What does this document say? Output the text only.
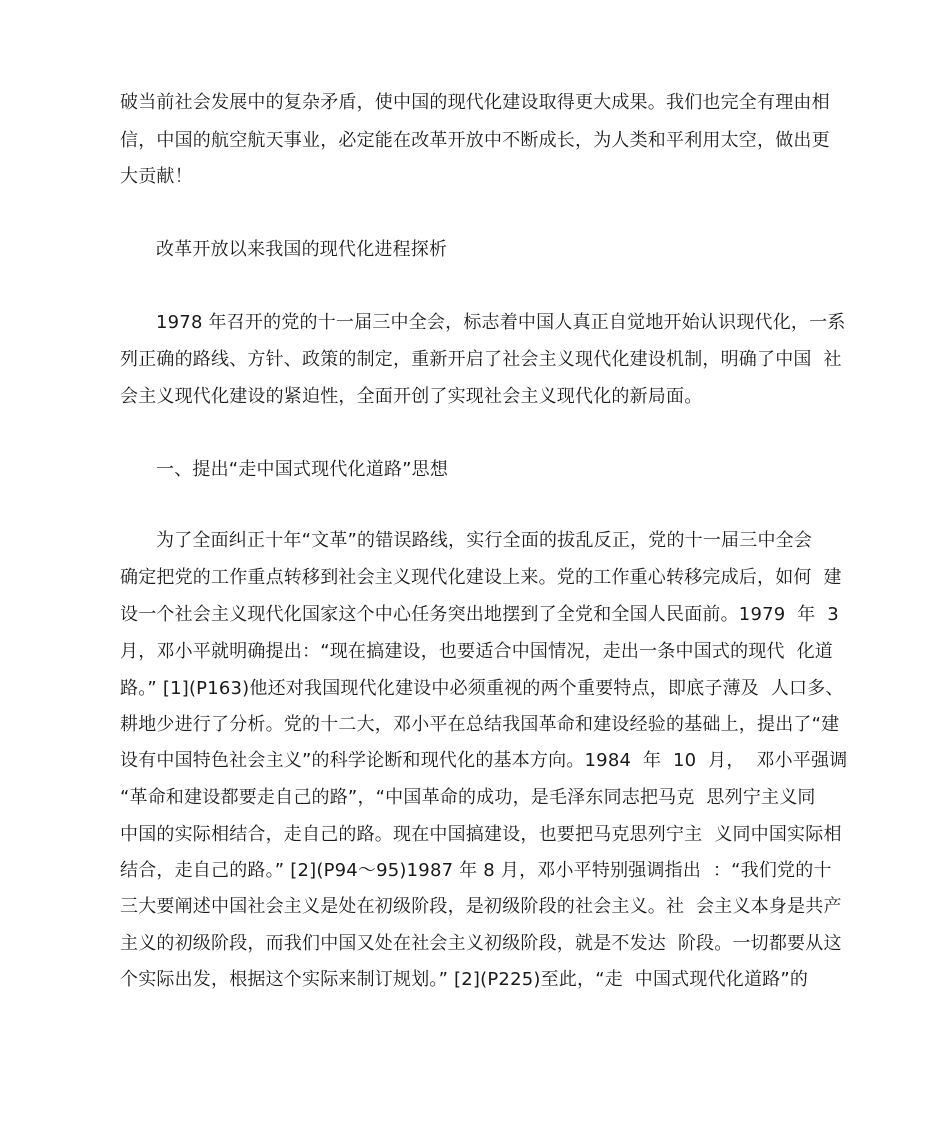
破当前社会发展中的复杂矛盾，使中国的现代化建设取得更大成果。我们也完全有理由相
信，中国的航空航天事业，必定能在改革开放中不断成长，为人类和平利用太空，做出更
大贡献！
改革开放以来我国的现代化进程探析
1978 年召开的党的十一届三中全会，标志着中国人真正自觉地开始认识现代化，一系
列正确的路线、方针、政策的制定，重新开启了社会主义现代化建设机制，明确了中国  社
会主义现代化建设的紧迫性，全面开创了实现社会主义现代化的新局面。
一、提出“走中国式现代化道路”思想
为了全面纠正十年“文革”的错误路线，实行全面的拔乱反正，党的十一届三中全会
确定把党的工作重点转移到社会主义现代化建设上来。党的工作重心转移完成后，如何  建
设一个社会主义现代化国家这个中心任务突出地摆到了全党和全国人民面前。1979  年  3
月，邓小平就明确提出：“现在搞建设，也要适合中国情况，走出一条中国式的现代  化道
路。” [1](P163)他还对我国现代化建设中必须重视的两个重要特点，即底子薄及  人口多、
耕地少进行了分析。党的十二大，邓小平在总结我国革命和建设经验的基础上，提出了“建
设有中国特色社会主义”的科学论断和现代化的基本方向。1984  年  10  月，  邓小平强调
“革命和建设都要走自己的路”，“中国革命的成功，是毛泽东同志把马克  思列宁主义同
中国的实际相结合，走自己的路。现在中国搞建设，也要把马克思列宁主  义同中国实际相
结合，走自己的路。” [2](P94～95)1987 年 8 月，邓小平特别强调指出  ：“我们党的十
三大要阐述中国社会主义是处在初级阶段，是初级阶段的社会主义。社  会主义本身是共产
主义的初级阶段，而我们中国又处在社会主义初级阶段，就是不发达  阶段。一切都要从这
个实际出发，根据这个实际来制订规划。” [2](P225)至此，“走  中国式现代化道路”的
